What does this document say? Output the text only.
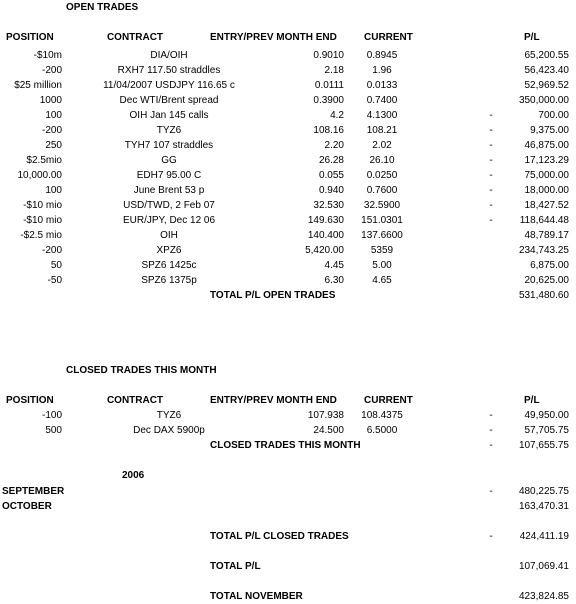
OPEN TRADES
POSITION	CONTRACT	ENTRY/PREV MONTH END	CURRENT	P/L
-$10m	DIA/OIH	0.9010	0.8945	65,200.55
-200	RXH7 117.50 straddles	2.18	1.96	56,423.40
$25 million	11/04/2007 USDJPY 116.65 c	0.0111	0.0133	52,969.52
1000	Dec WTI/Brent spread	0.3900	0.7400	350,000.00
100	OIH Jan 145 calls	4.2	4.1300	-	700.00
-200	TYZ6	108.16	108.21	-	9,375.00
250	TYH7 107 straddles	2.20	2.02	-	46,875.00
$2.5mio	GG	26.28	26.10	-	17,123.29
10,000.00	EDH7 95.00 C	0.055	0.0250	-	75,000.00
100	June Brent 53 p	0.940	0.7600	-	18,000.00
-$10 mio	USD/TWD, 2 Feb 07	32.530	32.5900	-	18,427.52
-$10 mio	EUR/JPY, Dec 12 06	149.630	151.0301	-	118,644.48
-$2.5 mio	OIH	140.400	137.6600	48,789.17
-200	XPZ6	5,420.00	5359	234,743.25
50	SPZ6 1425c	4.45	5.00	6,875.00
-50	SPZ6 1375p	6.30	4.65	20,625.00
TOTAL P/L OPEN TRADES	531,480.60
CLOSED TRADES THIS MONTH
POSITION	CONTRACT	ENTRY/PREV MONTH END	CURRENT	P/L
-100	TYZ6	107.938	108.4375	-	49,950.00
500	Dec DAX 5900p	24.500	6.5000	-	57,705.75
CLOSED TRADES THIS MONTH	-	107,655.75
2006
SEPTEMBER	-	480,225.75
OCTOBER	163,470.31
TOTAL P/L CLOSED TRADES	-	424,411.19
TOTAL P/L	107,069.41
TOTAL NOVEMBER	423,824.85
